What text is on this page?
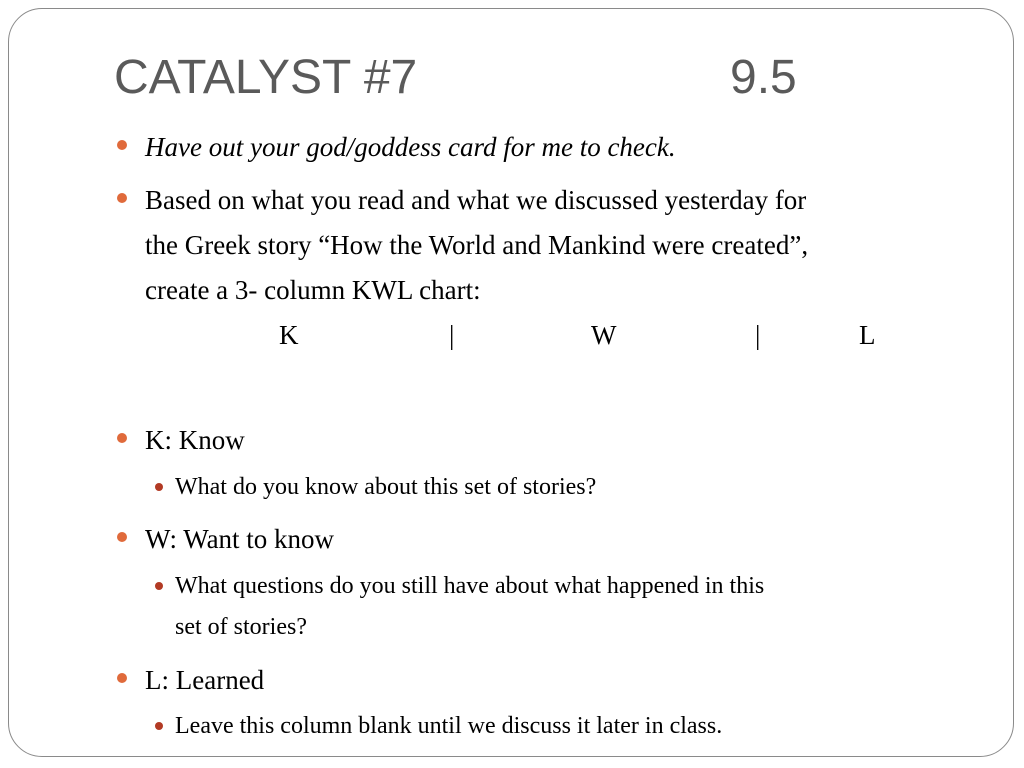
CATALYST #7	9.5
Have out your god/goddess card for me to check.
Based on what you read and what we discussed yesterday for
the Greek story “How the World and Mankind were created”,
create a 3- column KWL chart:
K	|	W	|	L
K: Know
What do you know about this set of stories?
W: Want to know
What questions do you still have about what happened in this
set of stories?
L: Learned
Leave this column blank until we discuss it later in class.
